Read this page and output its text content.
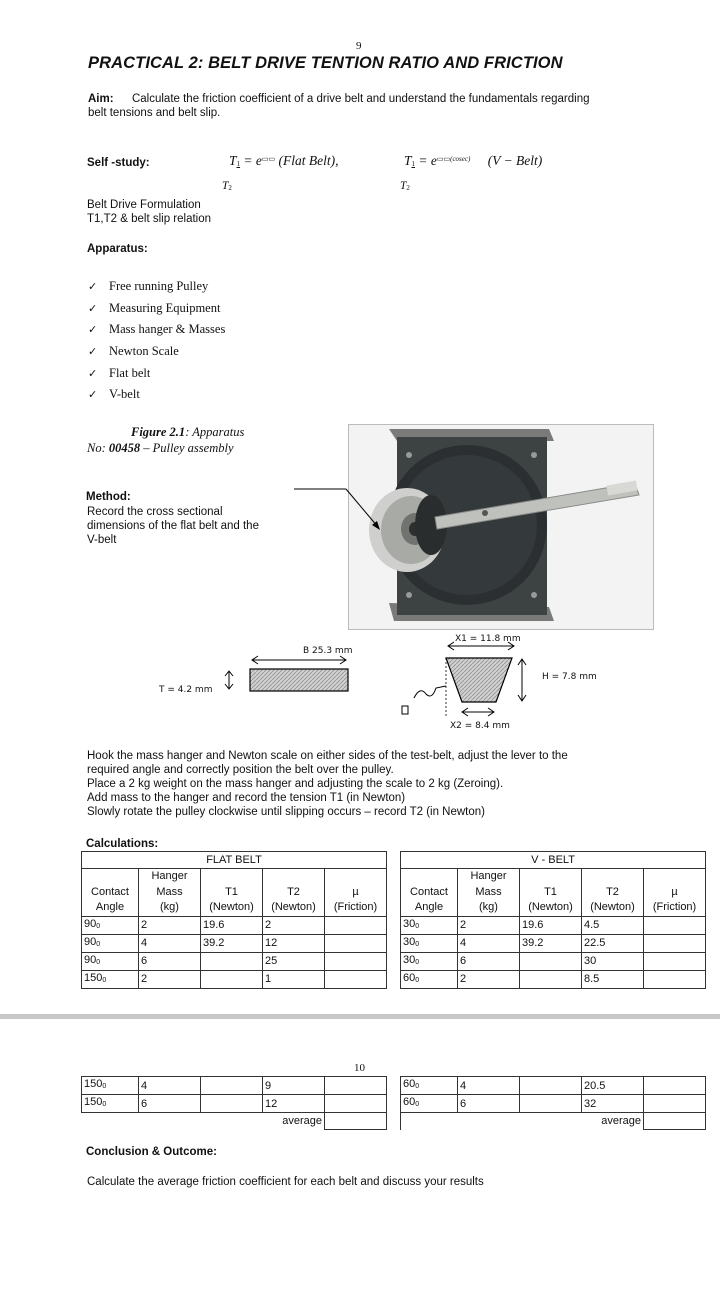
9
PRACTICAL 2: BELT DRIVE TENTION RATIO AND FRICTION
Aim: Calculate the friction coefficient of a drive belt and understand the fundamentals regarding
belt tensions and belt slip.
Self -study:	T1 = e▭▭ (Flat Belt),
T2
$T1 = e^{▭▭(cosec)}$ (V − Belt)
T2
Belt Drive Formulation
T1,T2 & belt slip relation
Apparatus:
✓ Free running Pulley
✓ Measuring Equipment
✓ Mass hanger & Masses
✓ Newton Scale
✓ Flat belt
✓ V-belt
Figure 2.1: Apparatus
No: 00458 – Pulley assembly
Method:
Record the cross sectional
dimensions of the flat belt and the
V-belt
B 25.3 mm
T = 4.2 mm
X1 = 11.8 mm
H = 7.8 mm
X2 = 8.4 mm
Hook the mass hanger and Newton scale on either sides of the test-belt, adjust the lever to the
required angle and correctly position the belt over the pulley.
Place a 2 kg weight on the mass hanger and adjusting the scale to 2 kg (Zeroing).
Add mass to the hanger and record the tension T1 (in Newton)
Slowly rotate the pulley clockwise until slipping occurs – record T2 (in Newton)
Calculations:
FLAT BELT				
Contact
Angle	Hanger
Mass
(kg)	T1
(Newton)	T2
(Newton)	µ
(Friction)
900	2	19.6	2	
900	4	39.2	12	
900	6		25	
1500	2		1	
V - BELT				
Contact
Angle	Hanger
Mass
(kg)	T1
(Newton)	T2
(Newton)	µ
(Friction)
300	2	19.6	4.5	
300	4	39.2	22.5	
300	6		30	
600	2		8.5	
10
1500	4		9	
1500	6		12	
			average	
600	4		20.5	
600	6		32	
			average	
Conclusion & Outcome:
Calculate the average friction coefficient for each belt and discuss your results
